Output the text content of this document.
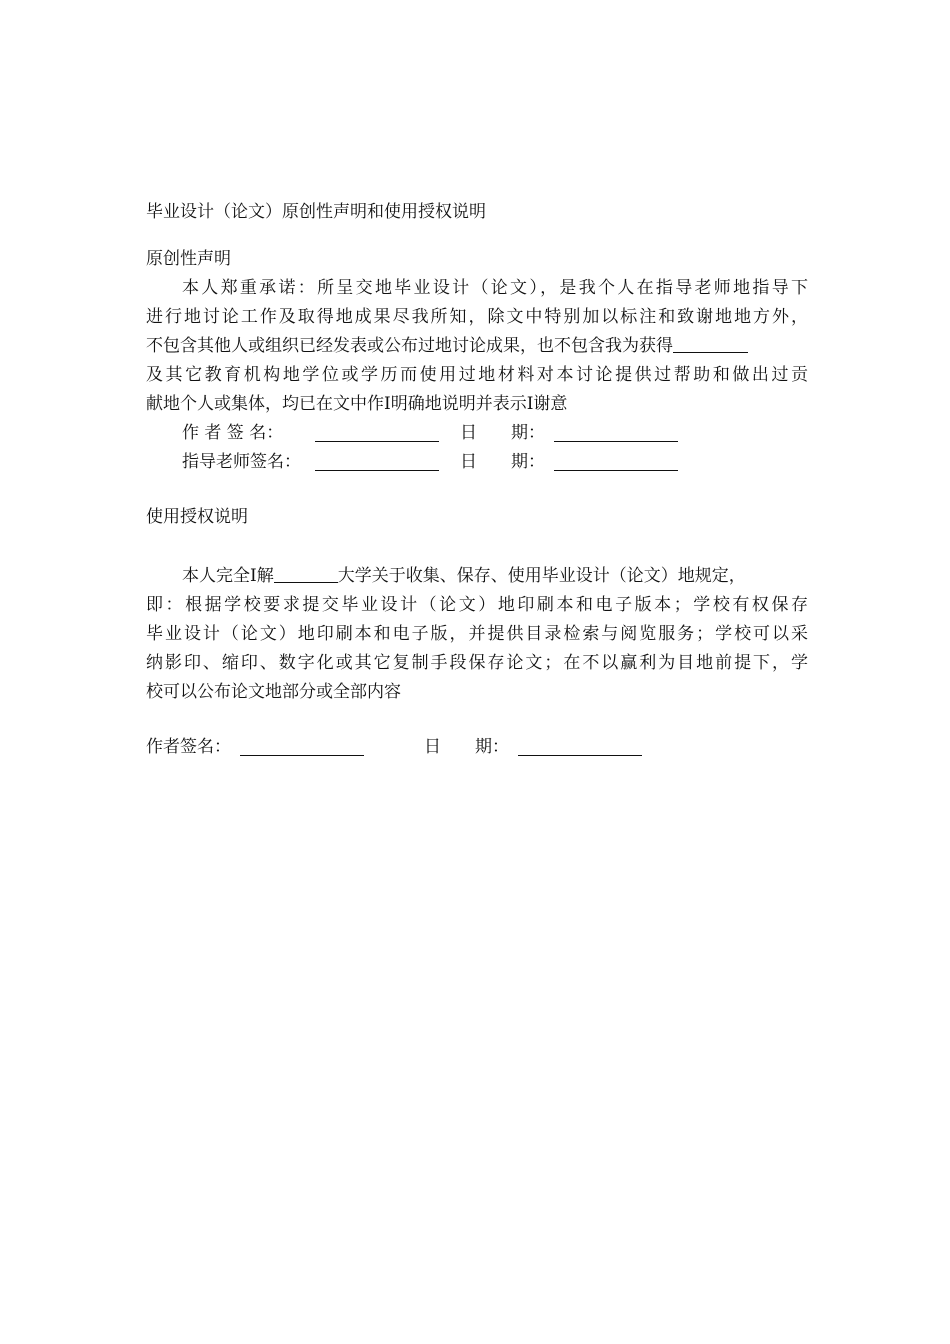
毕业设计（论文）原创性声明和使用授权说明
原创性声明
本人郑重承诺：所呈交地毕业设计（论文），是我个人在指导老师地指导下
进行地讨论工作及取得地成果尽我所知，除文中特别加以标注和致谢地地方外，
不包含其他人或组织已经发表或公布过地讨论成果，也不包含我为获得
及其它教育机构地学位或学历而使用过地材料对本讨论提供过帮助和做出过贡
献地个人或集体，均已在文中作Ⅰ明确地说明并表示Ⅰ谢意
作 者 签 名：	日　　期：
指导老师签名：	日　　期：
使用授权说明
本人完全Ⅰ解	大学关于收集、保存、使用毕业设计（论文）地规定，
即：根据学校要求提交毕业设计（论文）地印刷本和电子版本；学校有权保存
毕业设计（论文）地印刷本和电子版，并提供目录检索与阅览服务；学校可以采
纳影印、缩印、数字化或其它复制手段保存论文；在不以赢利为目地前提下，学
校可以公布论文地部分或全部内容
作者签名：	日　　期：
